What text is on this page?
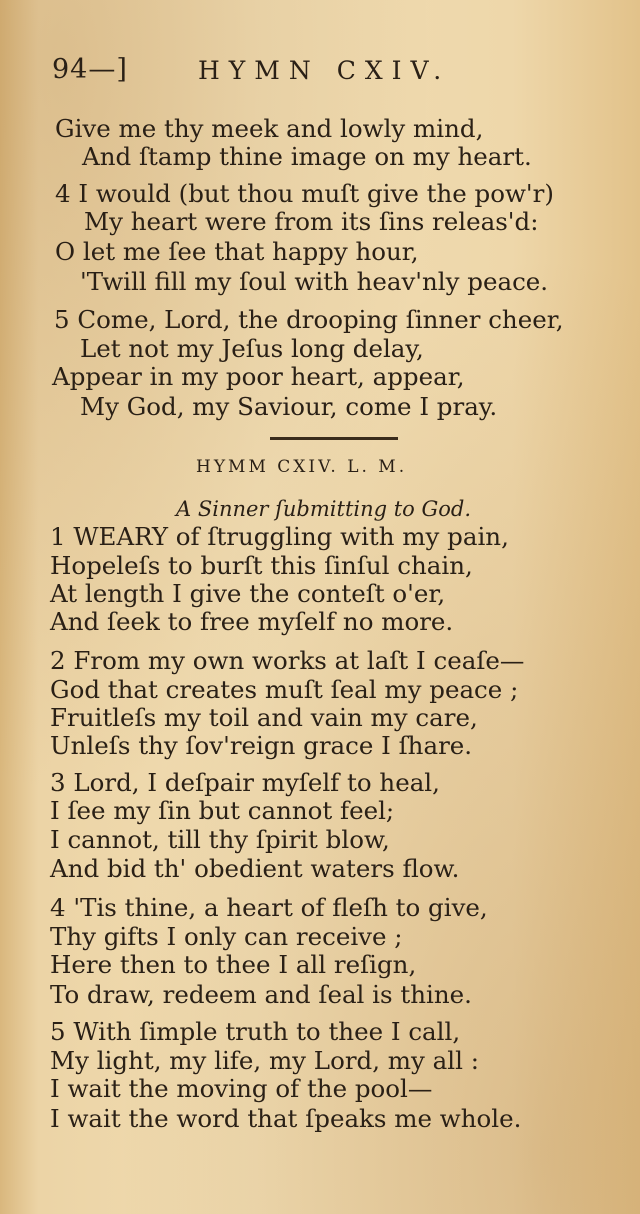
94—]	HYMN CXIV.
Give me thy meek and lowly mind,
And ſtamp thine image on my heart.
4 I would (but thou muſt give the pow'r)
My heart were from its ſins releas'd:
O let me ſee that happy hour,
'Twill fill my ſoul with heav'nly peace.
5 Come, Lord, the drooping ſinner cheer,
Let not my Jeſus long delay,
Appear in my poor heart, appear,
My God, my Saviour, come I pray.
HYMM CXIV. L. M.
A Sinner ſubmitting to God.
1 WEARY of ſtruggling with my pain,
Hopeleſs to burſt this ſinſul chain,
At length I give the conteſt o'er,
And ſeek to free myſelf no more.
2 From my own works at laſt I ceaſe—
God that creates muſt ſeal my peace ;
Fruitleſs my toil and vain my care,
Unleſs thy ſov'reign grace I ſhare.
3 Lord, I deſpair myſelf to heal,
I ſee my ſin but cannot feel;
I cannot, till thy ſpirit blow,
And bid th' obedient waters flow.
4 'Tis thine, a heart of fleſh to give,
Thy gifts I only can receive ;
Here then to thee I all reſign,
To draw, redeem and ſeal is thine.
5 With ſimple truth to thee I call,
My light, my life, my Lord, my all :
I wait the moving of the pool—
I wait the word that ſpeaks me whole.
